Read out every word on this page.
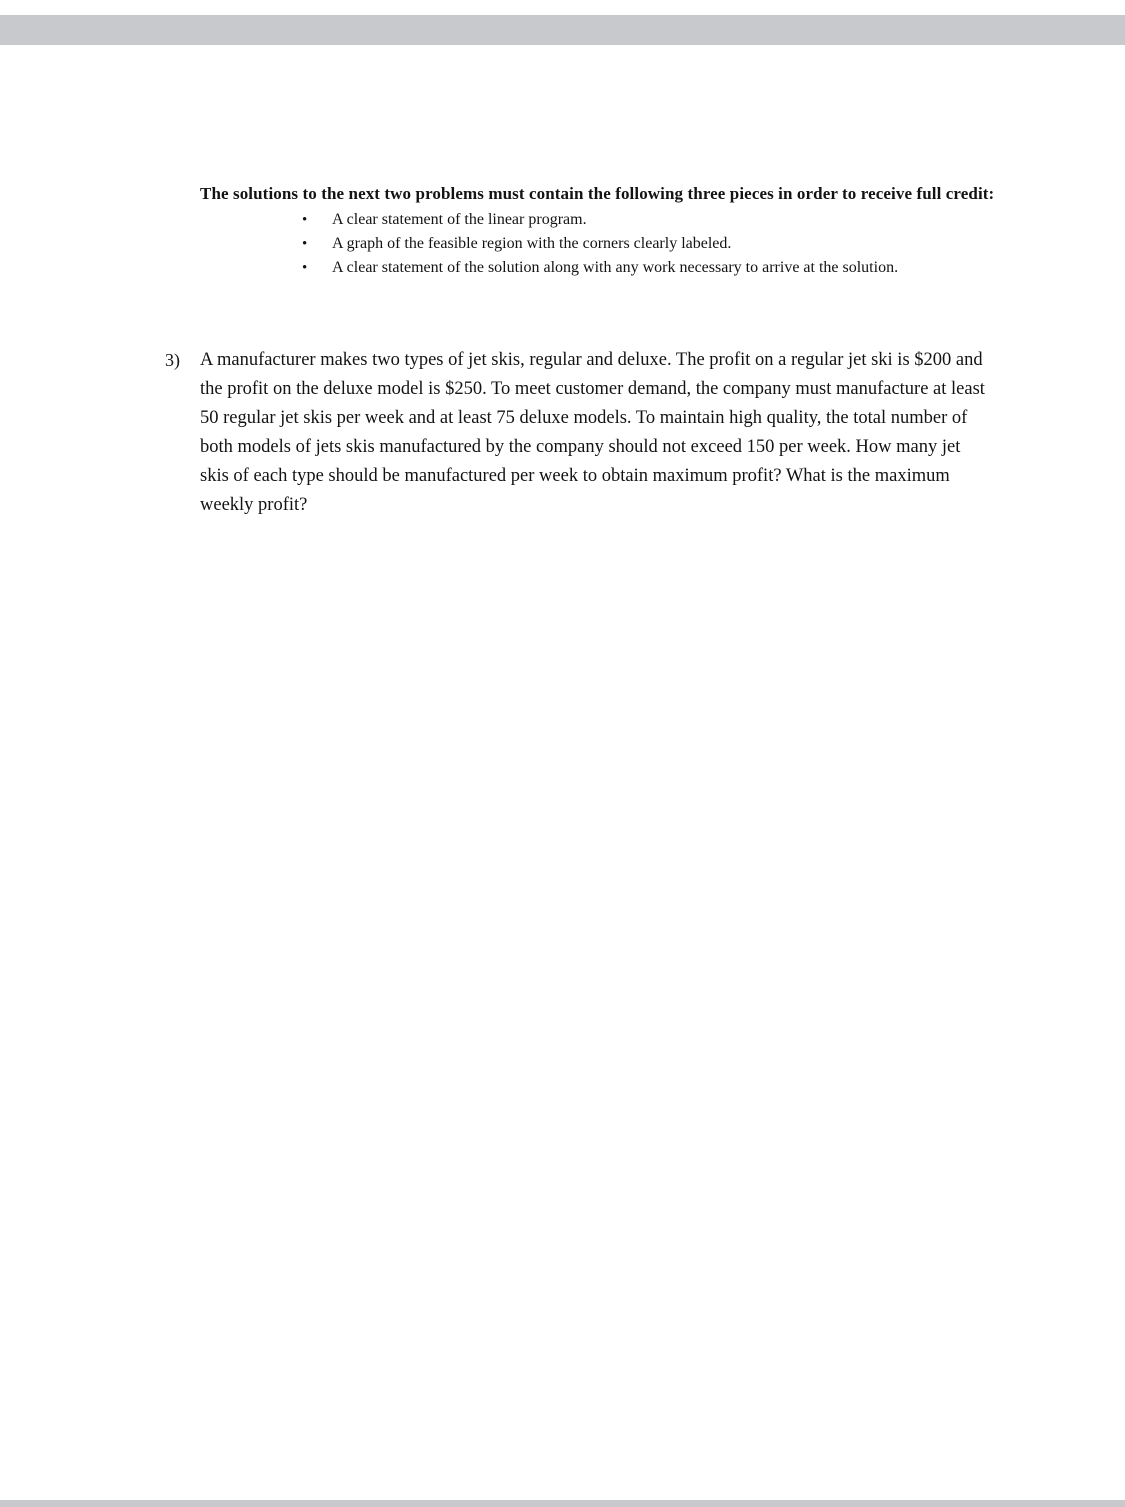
The solutions to the next two problems must contain the following three pieces in order to receive full credit:

•	A clear statement of the linear program.
•	A graph of the feasible region with the corners clearly labeled.
•	A clear statement of the solution along with any work necessary to arrive at the solution.
3)	A manufacturer makes two types of jet skis, regular and deluxe. The profit on a regular jet ski is $200 and the profit on the deluxe model is $250. To meet customer demand, the company must manufacture at least 50 regular jet skis per week and at least 75 deluxe models. To maintain high quality, the total number of both models of jets skis manufactured by the company should not exceed 150 per week. How many jet skis of each type should be manufactured per week to obtain maximum profit? What is the maximum weekly profit?
